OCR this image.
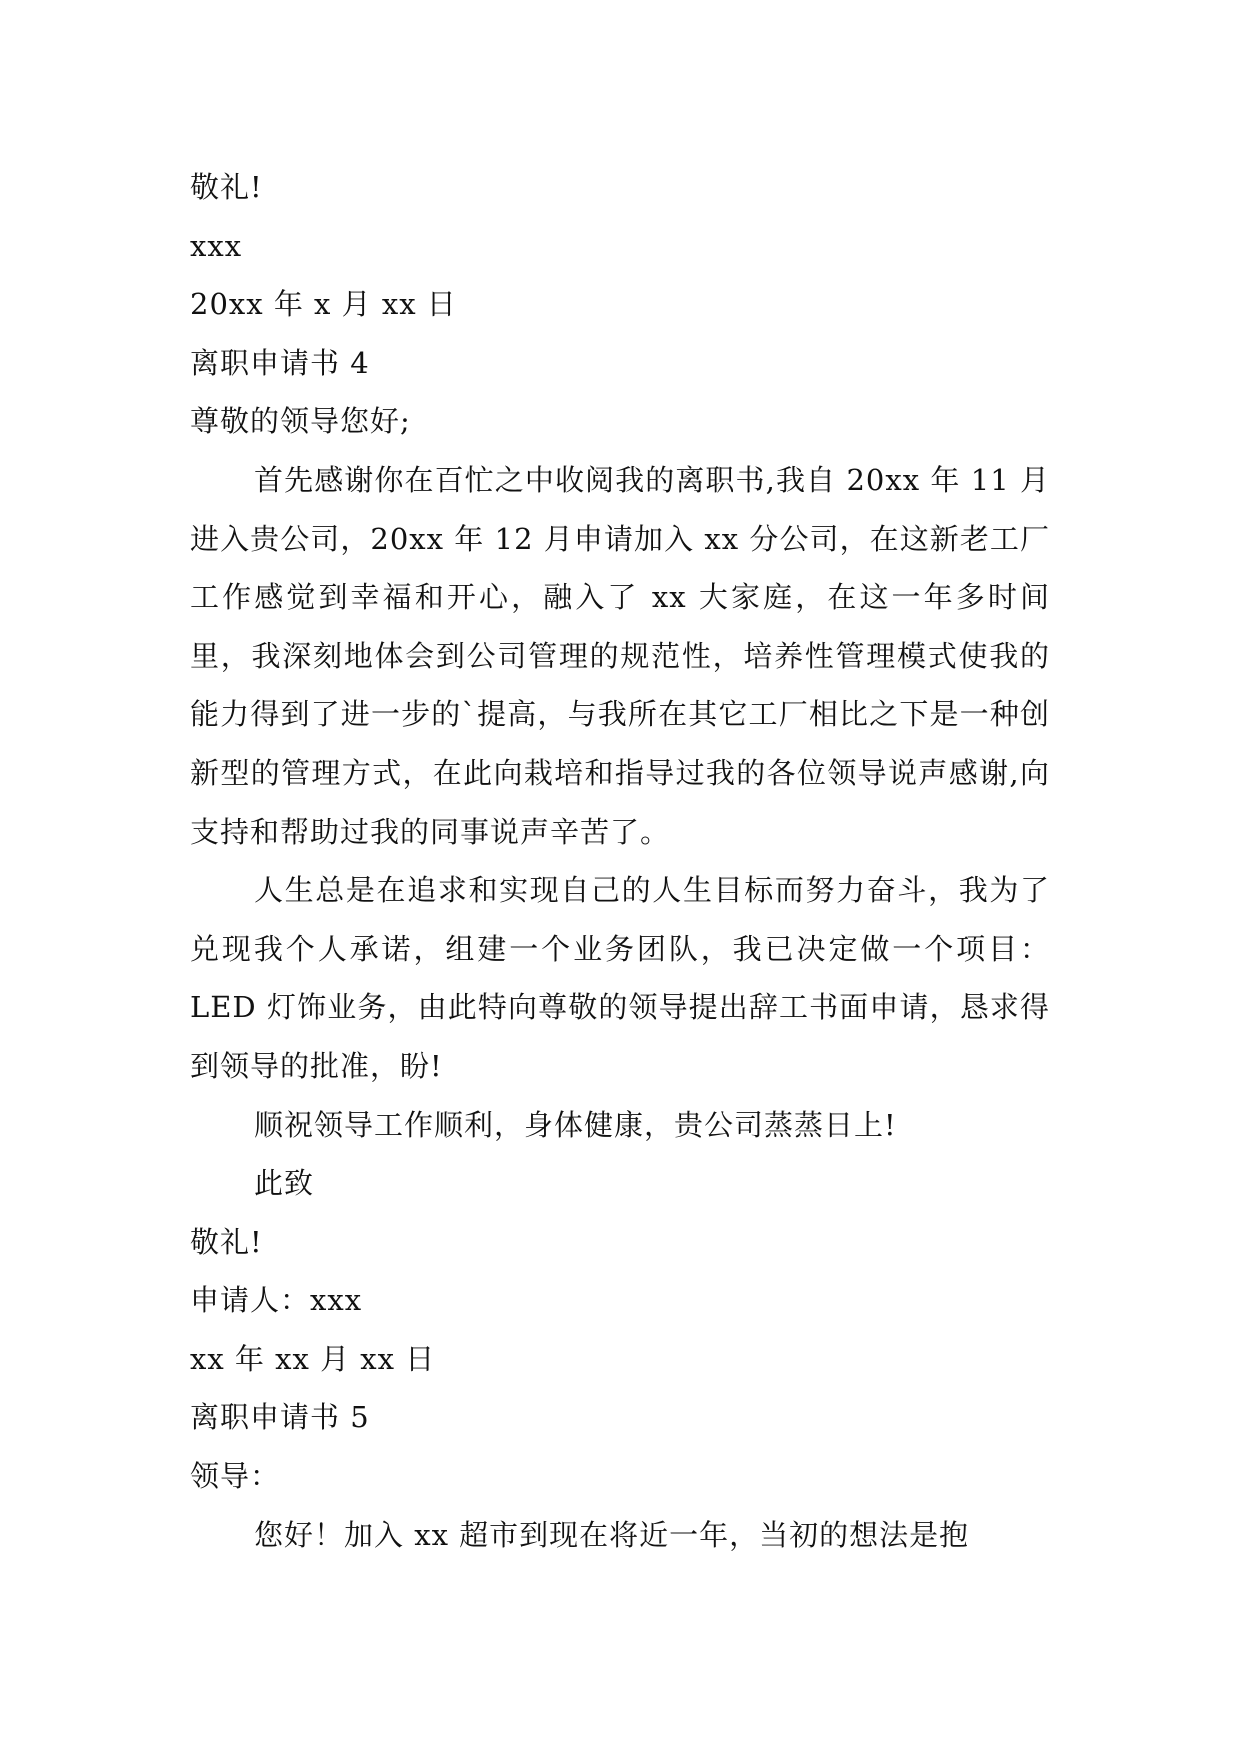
敬礼!
xxx
20xx 年 x 月 xx 日
离职申请书 4
尊敬的领导您好;

首先感谢你在百忙之中收阅我的离职书,我自 20xx 年 11 月进入贵公司，20xx 年 12 月申请加入 xx 分公司，在这新老工厂工作感觉到幸福和开心，融入了 xx 大家庭，在这一年多时间里，我深刻地体会到公司管理的规范性，培养性管理模式使我的能力得到了进一步的`提高，与我所在其它工厂相比之下是一种创新型的管理方式，在此向栽培和指导过我的各位领导说声感谢,向支持和帮助过我的同事说声辛苦了。

人生总是在追求和实现自己的人生目标而努力奋斗，我为了兑现我个人承诺，组建一个业务团队，我已决定做一个项目：LED 灯饰业务，由此特向尊敬的领导提出辞工书面申请，恳求得到领导的批准，盼!

顺祝领导工作顺利，身体健康，贵公司蒸蒸日上!
此致
敬礼!
申请人：xxx
xx 年 xx 月 xx 日
离职申请书 5
领导：
您好！加入 xx 超市到现在将近一年，当初的想法是抱
